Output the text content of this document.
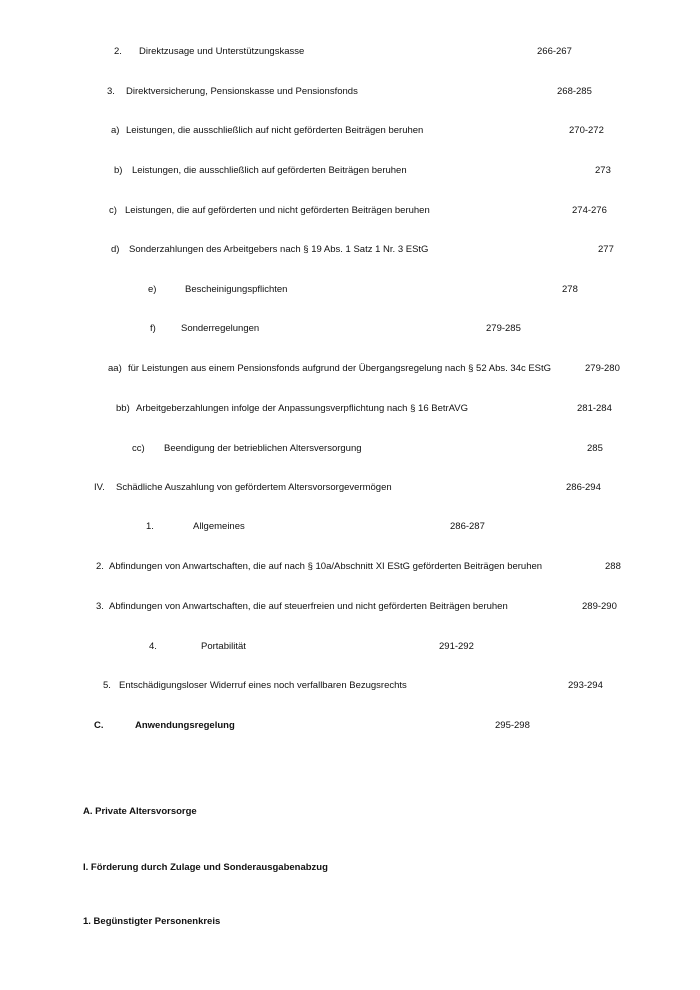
2. Direktzusage und Unterstützungskasse	266-267
3. Direktversicherung, Pensionskasse und Pensionsfonds	268-285
a) Leistungen, die ausschließlich auf nicht geförderten Beiträgen beruhen	270-272
b) Leistungen, die ausschließlich auf geförderten Beiträgen beruhen	273
c) Leistungen, die auf geförderten und nicht geförderten Beiträgen beruhen	274-276
d) Sonderzahlungen des Arbeitgebers nach § 19 Abs. 1 Satz 1 Nr. 3 EStG	277
e)	Bescheinigungspflichten	278
f)	Sonderregelungen	279-285
aa) für Leistungen aus einem Pensionsfonds aufgrund der Übergangsregelung nach § 52 Abs. 34c EStG	279-280
bb) Arbeitgeberzahlungen infolge der Anpassungsverpflichtung nach § 16 BetrAVG	281-284
cc) Beendigung der betrieblichen Altersversorgung	285
IV. Schädliche Auszahlung von gefördertem Altersvorsorgevermögen	286-294
1.	Allgemeines	286-287
2. Abfindungen von Anwartschaften, die auf nach § 10a/Abschnitt XI EStG geförderten Beiträgen beruhen	288
3. Abfindungen von Anwartschaften, die auf steuerfreien und nicht geförderten Beiträgen beruhen	289-290
4.	Portabilität	291-292
5. Entschädigungsloser Widerruf eines noch verfallbaren Bezugsrechts	293-294
C.	Anwendungsregelung	295-298
A. Private Altersvorsorge
I. Förderung durch Zulage und Sonderausgabenabzug
1. Begünstigter Personenkreis
